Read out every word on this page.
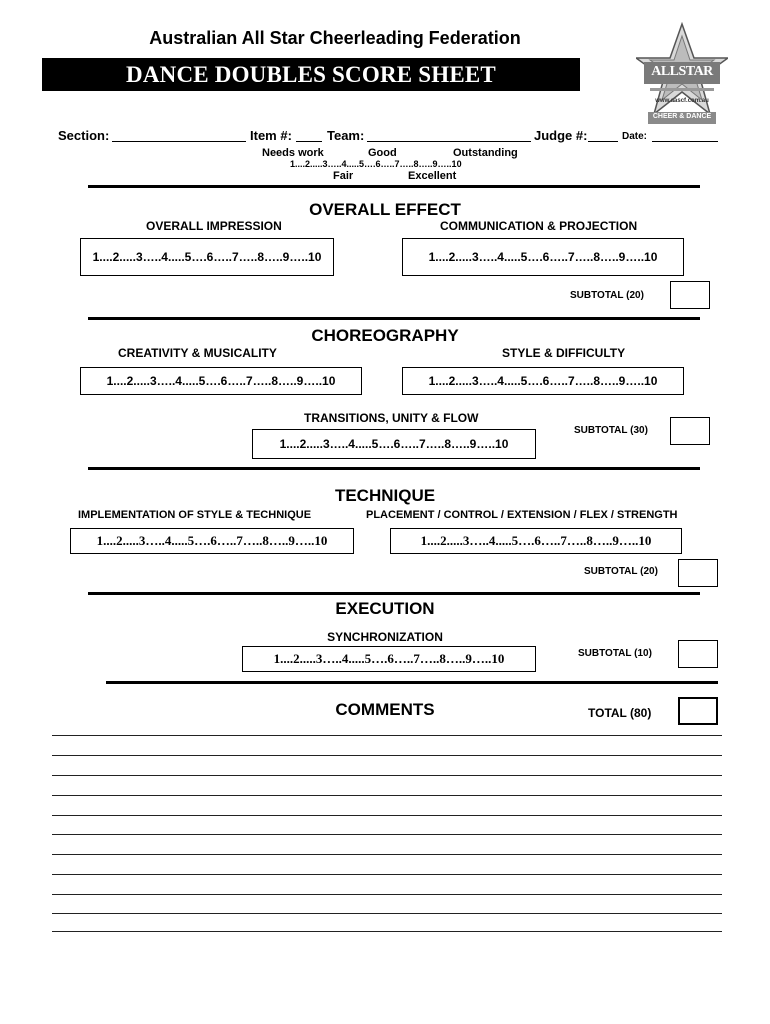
Australian All Star Cheerleading Federation
DANCE DOUBLES SCORE SHEET	ALLSTAR
www.aascf.com.au
CHEER & DANCE
Section:	Item #:	Team:	Judge #:	Date:
Needs work	Good	Outstanding
1....2.....3…..4.....5….6…..7…..8…..9…..10
Fair	Excellent
OVERALL EFFECT
OVERALL IMPRESSION	COMMUNICATION & PROJECTION
1....2.....3…..4.....5….6…..7…..8…..9…..10	1....2.....3…..4.....5….6…..7…..8…..9…..10
SUBTOTAL (20)
CHOREOGRAPHY
CREATIVITY & MUSICALITY	STYLE & DIFFICULTY
1....2.....3…..4.....5….6…..7…..8…..9…..10	1....2.....3…..4.....5….6…..7…..8…..9…..10
TRANSITIONS, UNITY & FLOW
1....2.....3…..4.....5….6…..7…..8…..9…..10
SUBTOTAL (30)
TECHNIQUE
IMPLEMENTATION OF STYLE & TECHNIQUE	PLACEMENT / CONTROL / EXTENSION / FLEX / STRENGTH
1....2.....3…..4.....5….6…..7…..8…..9…..10	1....2.....3…..4.....5….6…..7…..8…..9…..10
SUBTOTAL (20)
EXECUTION
SYNCHRONIZATION
1....2.....3…..4.....5….6…..7…..8…..9…..10	SUBTOTAL (10)
COMMENTS	TOTAL (80)
